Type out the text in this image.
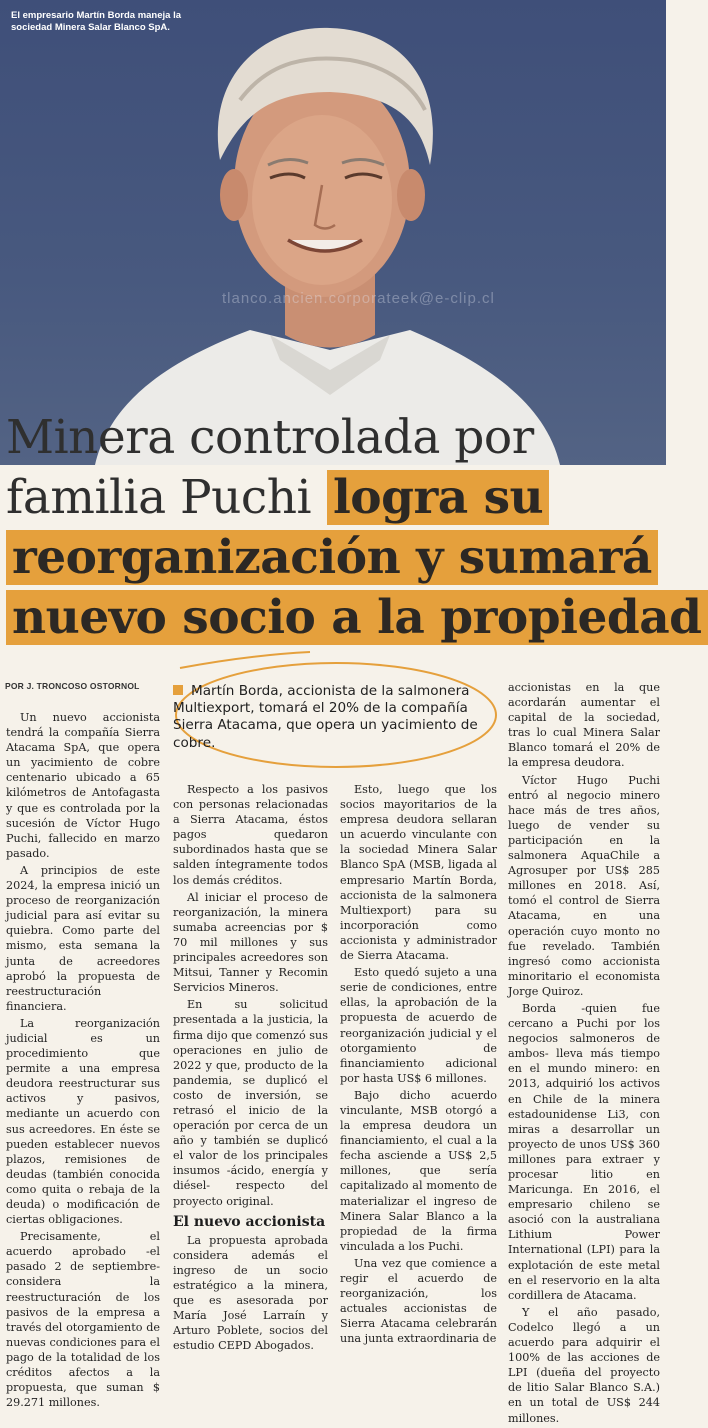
El empresario Martín Borda maneja la sociedad Minera Salar Blanco SpA.
tlanco.ancien.corporateek@e-clip.cl
Minera controlada por
familia Puchi logra su
reorganización y sumará
nuevo socio a la propiedad
POR J. TRONCOSO OSTORNOL	Martín Borda, accionista de la salmonera Multiexport, tomará el 20% de la compañía Sierra Atacama, que opera un yacimiento de cobre.

Un nuevo accionista tendrá la compañía Sierra Atacama SpA, que opera un yacimiento de cobre centenario ubicado a 65 kilómetros de Antofagasta y que es controlada por la sucesión de Víctor Hugo Puchi, fallecido en marzo pasado.

A principios de este 2024, la empresa inició un proceso de reorganización judicial para así evitar su quiebra. Como parte del mismo, esta semana la junta de acreedores aprobó la propuesta de reestructuración financiera.

La reorganización judicial es un procedimiento que permite a una empresa deudora reestructurar sus activos y pasivos, mediante un acuerdo con sus acreedores. En éste se pueden establecer nuevos plazos, remisiones de deudas (también conocida como quita o rebaja de la deuda) o modificación de ciertas obligaciones.

Precisamente, el acuerdo aprobado -el pasado 2 de septiembre- considera la reestructuración de los pasivos de la empresa a través del otorgamiento de nuevas condiciones para el pago de la totalidad de los créditos afectos a la propuesta, que suman $ 29.271 millones.

Respecto a los pasivos con personas relacionadas a Sierra Atacama, éstos pagos quedaron subordinados hasta que se salden íntegramente todos los demás créditos.

Al iniciar el proceso de reorganización, la minera sumaba acreencias por $ 70 mil millones y sus principales acreedores son Mitsui, Tanner y Recomin Servicios Mineros.

En su solicitud presentada a la justicia, la firma dijo que comenzó sus operaciones en julio de 2022 y que, producto de la pandemia, se duplicó el costo de inversión, se retrasó el inicio de la operación por cerca de un año y también se duplicó el valor de los principales insumos -ácido, energía y diésel- respecto del proyecto original.

El nuevo accionista

La propuesta aprobada considera además el ingreso de un socio estratégico a la minera, que es asesorada por María José Larraín y Arturo Poblete, socios del estudio CEPD Abogados.

Esto, luego que los socios mayoritarios de la empresa deudora sellaran un acuerdo vinculante con la sociedad Minera Salar Blanco SpA (MSB, ligada al empresario Martín Borda, accionista de la salmonera Multiexport) para su incorporación como accionista y administrador de Sierra Atacama.

Esto quedó sujeto a una serie de condiciones, entre ellas, la aprobación de la propuesta de acuerdo de reorganización judicial y el otorgamiento de financiamiento adicional por hasta US$ 6 millones.

Bajo dicho acuerdo vinculante, MSB otorgó a la empresa deudora un financiamiento, el cual a la fecha asciende a US$ 2,5 millones, que sería capitalizado al momento de materializar el ingreso de Minera Salar Blanco a la propiedad de la firma vinculada a los Puchi.

Una vez que comience a regir el acuerdo de reorganización, los actuales accionistas de Sierra Atacama celebrarán una junta extraordinaria de

accionistas en la que acordarán aumentar el capital de la sociedad, tras lo cual Minera Salar Blanco tomará el 20% de la empresa deudora.

Víctor Hugo Puchi entró al negocio minero hace más de tres años, luego de vender su participación en la salmonera AquaChile a Agrosuper por US$ 285 millones en 2018. Así, tomó el control de Sierra Atacama, en una operación cuyo monto no fue revelado. También ingresó como accionista minoritario el economista Jorge Quiroz.

Borda -quien fue cercano a Puchi por los negocios salmoneros de ambos- lleva más tiempo en el mundo minero: en 2013, adquirió los activos en Chile de la minera estadounidense Li3, con miras a desarrollar un proyecto de unos US$ 360 millones para extraer y procesar litio en Maricunga. En 2016, el empresario chileno se asoció con la australiana Lithium Power International (LPI) para la explotación de este metal en el reservorio en la alta cordillera de Atacama.

Y el año pasado, Codelco llegó a un acuerdo para adquirir el 100% de las acciones de LPI (dueña del proyecto de litio Salar Blanco S.A.) en un total de US$ 244 millones.
